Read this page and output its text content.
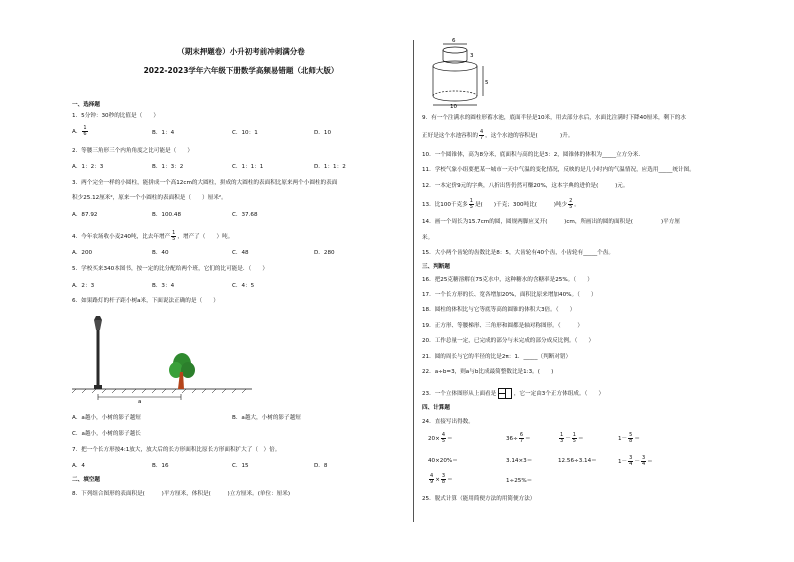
（期末押题卷）小升初考前冲刺满分卷
2022-2023学年六年级下册数学高频易错题（北师大版）
一、选择题
1．5分钟：30秒的比值是（　　）
A． $\frac{1}{6}$	B．1：4	C．10：1	D．10
2．等腰三角形三个内角角度之比可能是（　　）
A．1：2：3	B．1：3：2	C．1：1：1	D．1：1：2
3．两个完全一样的小圆柱，能拼成一个高12cm的大圆柱，拼成的大圆柱的表面积比原来两个小圆柱的表面
积少25.12厘米²，原来一个小圆柱的表面积是（　　）厘米²。
A．87.92	B．100.48	C．37.68
4．今年农场收小麦240吨，比去年增产 $\frac{1}{5}$ ，增产了（　　）吨。
A．200	B．40	C．48	D．280
5．学校买来340本图书，按一定的比分配给两个班，它们的比可能是．（　　）
A．2：3	B．3：4	C．4：5
6．如果路灯的杆子距小树a米，下面说法正确的是（　　）
a
A．a越小，小树的影子越短	B．a越大，小树的影子越短
C．a越小，小树的影子越长
7．把一个长方形按4:1放大，放大后的长方形面积比原长方形面积扩大了（　）倍。
A．4	B．16	C．15	D．8
二、填空题
8．下列组合图形的表面积是(　　　)平方厘米，体积是(　　　)立方厘米。(单位：厘米)
6
3
5
10
9．有一个注满水的圆柱形蓄水池，底面半径是10米，用去部分水后，水面比注满时下降40厘米，剩下的水
正好是这个水池容积的 $\frac{4}{7}$ ，这个水池的容积是(　　　　)升。
10．一个圆锥体，高为8分米，底面积与高的比是3：2，圆锥体的体积为_____立方分米．
11．学校气象小组要把某一城市一天中气温的变化情况，反映的是几小时内的气温情况，应选用_____统计图。
12．一本定价9元的字典，八折出售仍然可赚20%，这本字典的进价是(　　　)元。
13．比100千克多 $\frac{1}{5}$ 是(　　)千克；300吨比(　　　)吨少 $\frac{2}{5}$ 。
14．画一个周长为15.7cm的圆，圆规两脚应叉开(　　　)cm，所画出的圆的面积是(　　　　　)平方厘
米。
15．大小两个齿轮的齿数比是8：5，大齿轮有40个齿，小齿轮有_____个齿。
三、判断题
16．把25克糖溶解在75克水中，这种糖水的含糖率是25%。（　　）
17．一个长方形的长、宽各增加20%，面积比原来增加40%。（　　）
18．圆柱的体积比与它等底等高的圆锥的体积大3倍。（　　）
19．正方形、等腰梯形、三角形和圆都是轴对称图形。（　　　）
20．工作总量一定，已完成的部分与未完成的部分成反比例。（　　）
21．圆的周长与它的半径的比是2π：1．_____（判断对错）
22．a÷b=3，则a与b比成最简整数比是1:3。(　　)
23．一个立体图形从上面看是	，它一定由3个正方体组成。（　　）
四、计算题
24．直接写出得数。
$20\times \frac{4}{5}$ ＝	$36\div \frac{6}{7}$ ＝	$\frac{1}{3} - \frac{1}{5}$ ＝	$1- \frac{5}{8}$ ＝
40×20%＝	3.14×3＝	12.56÷3.14＝	$1- \frac{3}{4} - \frac{3}{4}$ ＝
$\frac{4}{9} \times \frac{3}{8}$ ＝	1÷25%＝
25．脱式计算（能用简便方法的用简便方法）
